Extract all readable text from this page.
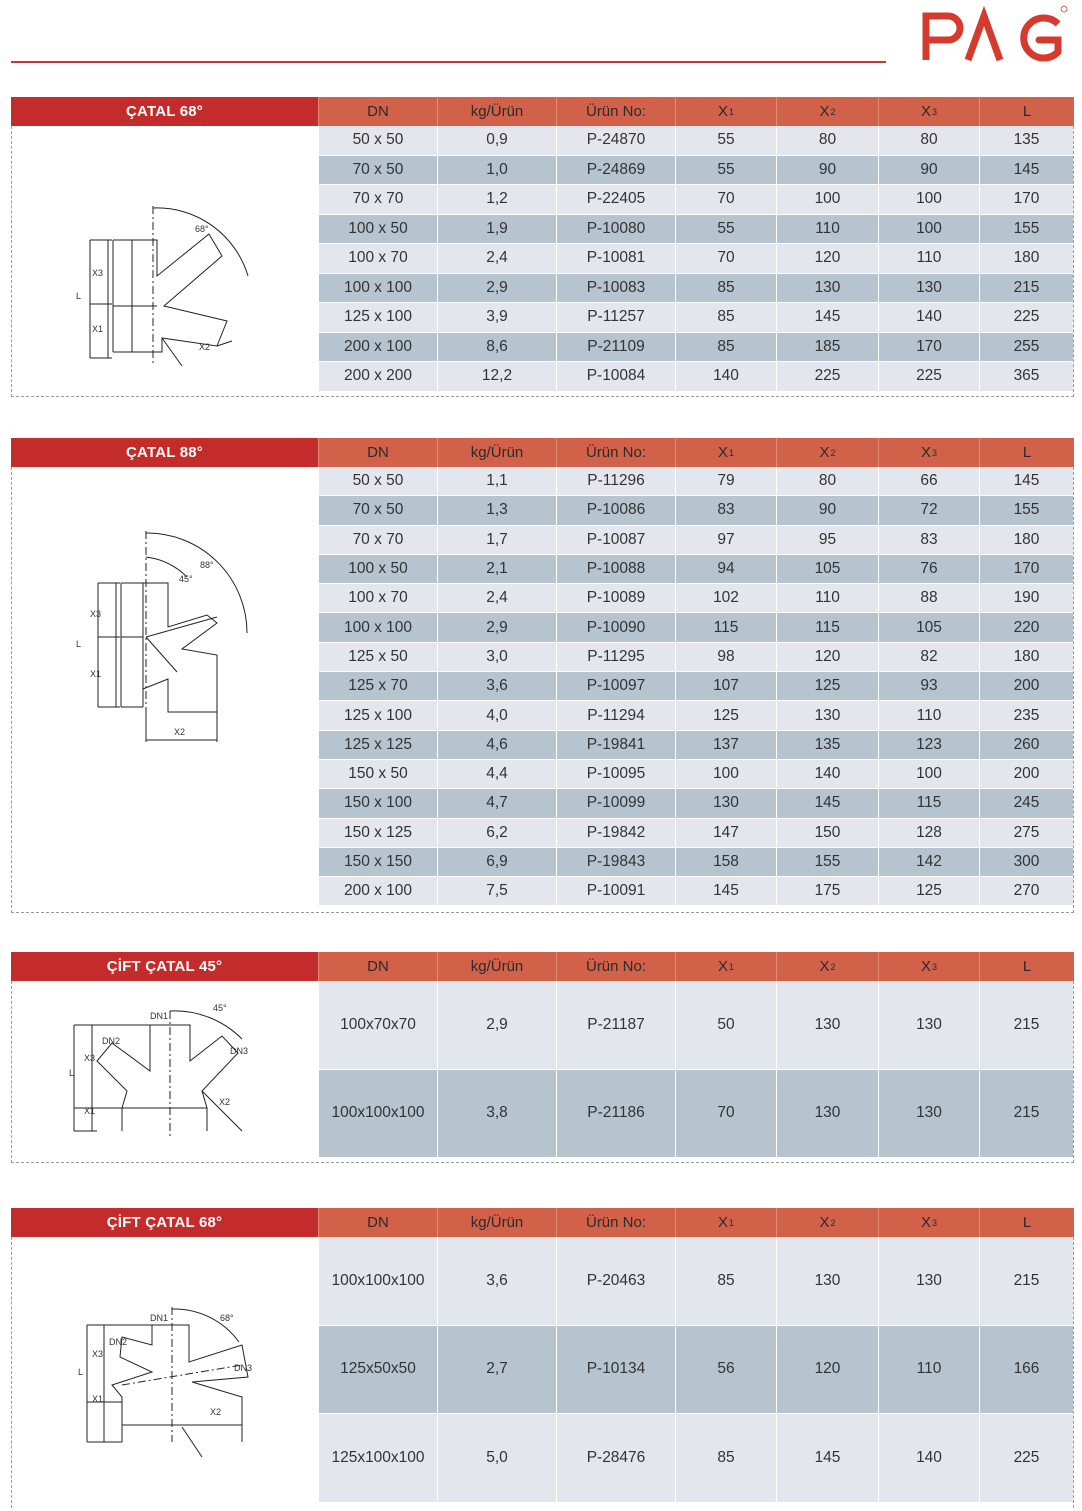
ÇATAL 68°	DN	kg/Ürün	Ürün No:	X 1	X 2	X 3	L
68°
X3
L
X1
X2
50 x 50	0,9	P-24870	55	80	80	135
70 x 50	1,0	P-24869	55	90	90	145
70 x 70	1,2	P-22405	70	100	100	170
100 x 50	1,9	P-10080	55	110	100	155
100 x 70	2,4	P-10081	70	120	110	180
100 x 100	2,9	P-10083	85	130	130	215
125 x 100	3,9	P-11257	85	145	140	225
200 x 100	8,6	P-21109	85	185	170	255
200 x 200	12,2	P-10084	140	225	225	365
ÇATAL 88°	DN	kg/Ürün	Ürün No:	X 1	X 2	X 3	L
88°
45°
X3
L
X1
X2
50 x 50	1,1	P-11296	79	80	66	145
70 x 50	1,3	P-10086	83	90	72	155
70 x 70	1,7	P-10087	97	95	83	180
100 x 50	2,1	P-10088	94	105	76	170
100 x 70	2,4	P-10089	102	110	88	190
100 x 100	2,9	P-10090	115	115	105	220
125 x 50	3,0	P-11295	98	120	82	180
125 x 70	3,6	P-10097	107	125	93	200
125 x 100	4,0	P-11294	125	130	110	235
125 x 125	4,6	P-19841	137	135	123	260
150 x 50	4,4	P-10095	100	140	100	200
150 x 100	4,7	P-10099	130	145	115	245
150 x 125	6,2	P-19842	147	150	128	275
150 x 150	6,9	P-19843	158	155	142	300
200 x 100	7,5	P-10091	145	175	125	270
ÇİFT ÇATAL 45°	DN	kg/Ürün	Ürün No:	X 1	X 2	X 3	L
DN1
45°
DN2
DN3
X3
L
X1
X2
100x70x70	2,9	P-21187	50	130	130	215
100x100x100	3,8	P-21186	70	130	130	215
ÇİFT ÇATAL 68°	DN	kg/Ürün	Ürün No:	X 1	X 2	X 3	L
DN1	68°
DN2
DN3
X3
L
X1
X2
100x100x100	3,6	P-20463	85	130	130	215
125x50x50	2,7	P-10134	56	120	110	166
125x100x100	5,0	P-28476	85	145	140	225
